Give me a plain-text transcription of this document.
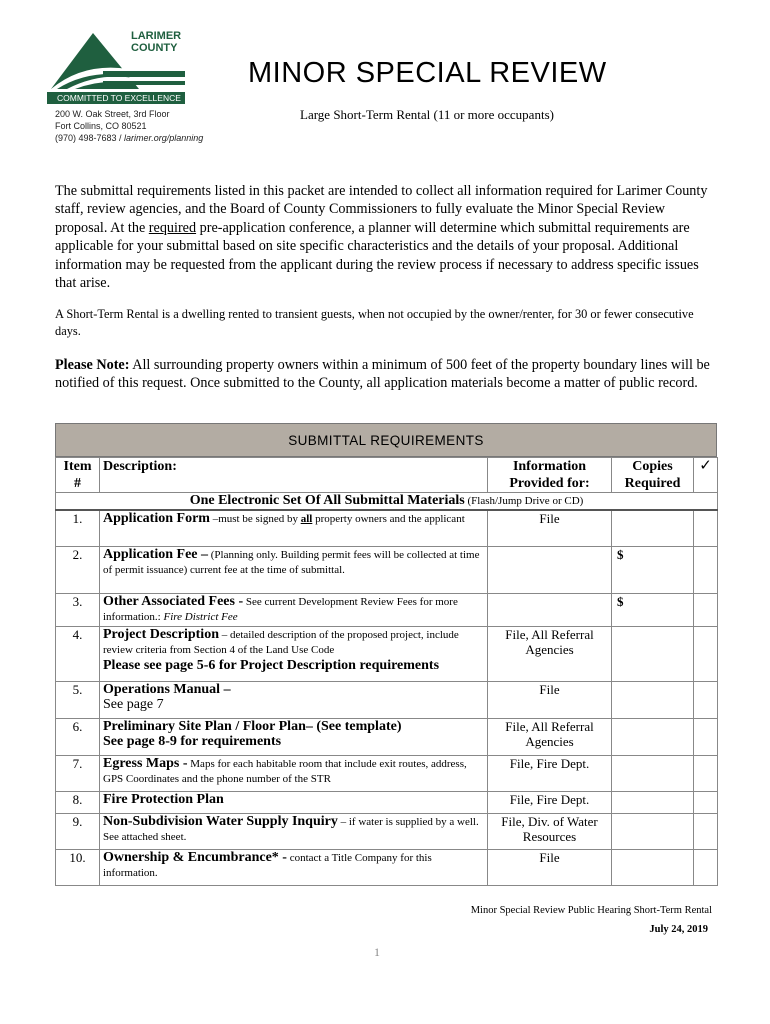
LARIMER
COUNTY
COMMITTED TO EXCELLENCE
200 W. Oak Street, 3rd Floor
Fort Collins, CO 80521
(970) 498-7683 / larimer.org/planning
MINOR SPECIAL REVIEW
Large Short-Term Rental (11 or more occupants)
The submittal requirements listed in this packet are intended to collect all information required for Larimer County staff, review agencies, and the Board of County Commissioners to fully evaluate the Minor Special Review proposal. At the required pre-application conference, a planner will determine which submittal requirements are applicable for your submittal based on site specific characteristics and the details of your proposal. Additional information may be requested from the applicant during the review process if necessary to address specific issues that arise.
A Short-Term Rental is a dwelling rented to transient guests, when not occupied by the owner/renter, for 30 or fewer consecutive days.
Please Note: All surrounding property owners within a minimum of 500 feet of the property boundary lines will be notified of this request. Once submitted to the County, all application materials become a matter of public record.
SUBMITTAL REQUIREMENTS
Item #	Description:	Information Provided for:	Copies Required	✓
One Electronic Set Of All Submittal Materials (Flash/Jump Drive or CD)				
1.	Application Form –must be signed by all property owners and the applicant	File		
2.	Application Fee – (Planning only. Building permit fees will be collected at time of permit issuance) current fee at the time of submittal.		$	
3.	Other Associated Fees - See current Development Review Fees for more information.: Fire District Fee		$	
4.	Project Description – detailed description of the proposed project, include review criteria from Section 4 of the Land Use Code
Please see page 5-6 for Project Description requirements	File, All Referral Agencies		
5.	Operations Manual –
See page 7	File		
6.	Preliminary Site Plan / Floor Plan– (See template)
See page 8-9 for requirements	File, All Referral Agencies		
7.	Egress Maps - Maps for each habitable room that include exit routes, address, GPS Coordinates and the phone number of the STR	File, Fire Dept.		
8.	Fire Protection Plan	File, Fire Dept.		
9.	Non-Subdivision Water Supply Inquiry – if water is supplied by a well. See attached sheet.	File, Div. of Water Resources		
10.	Ownership & Encumbrance* - contact a Title Company for this information.	File		
Minor Special Review Public Hearing Short-Term Rental
July 24, 2019
1
